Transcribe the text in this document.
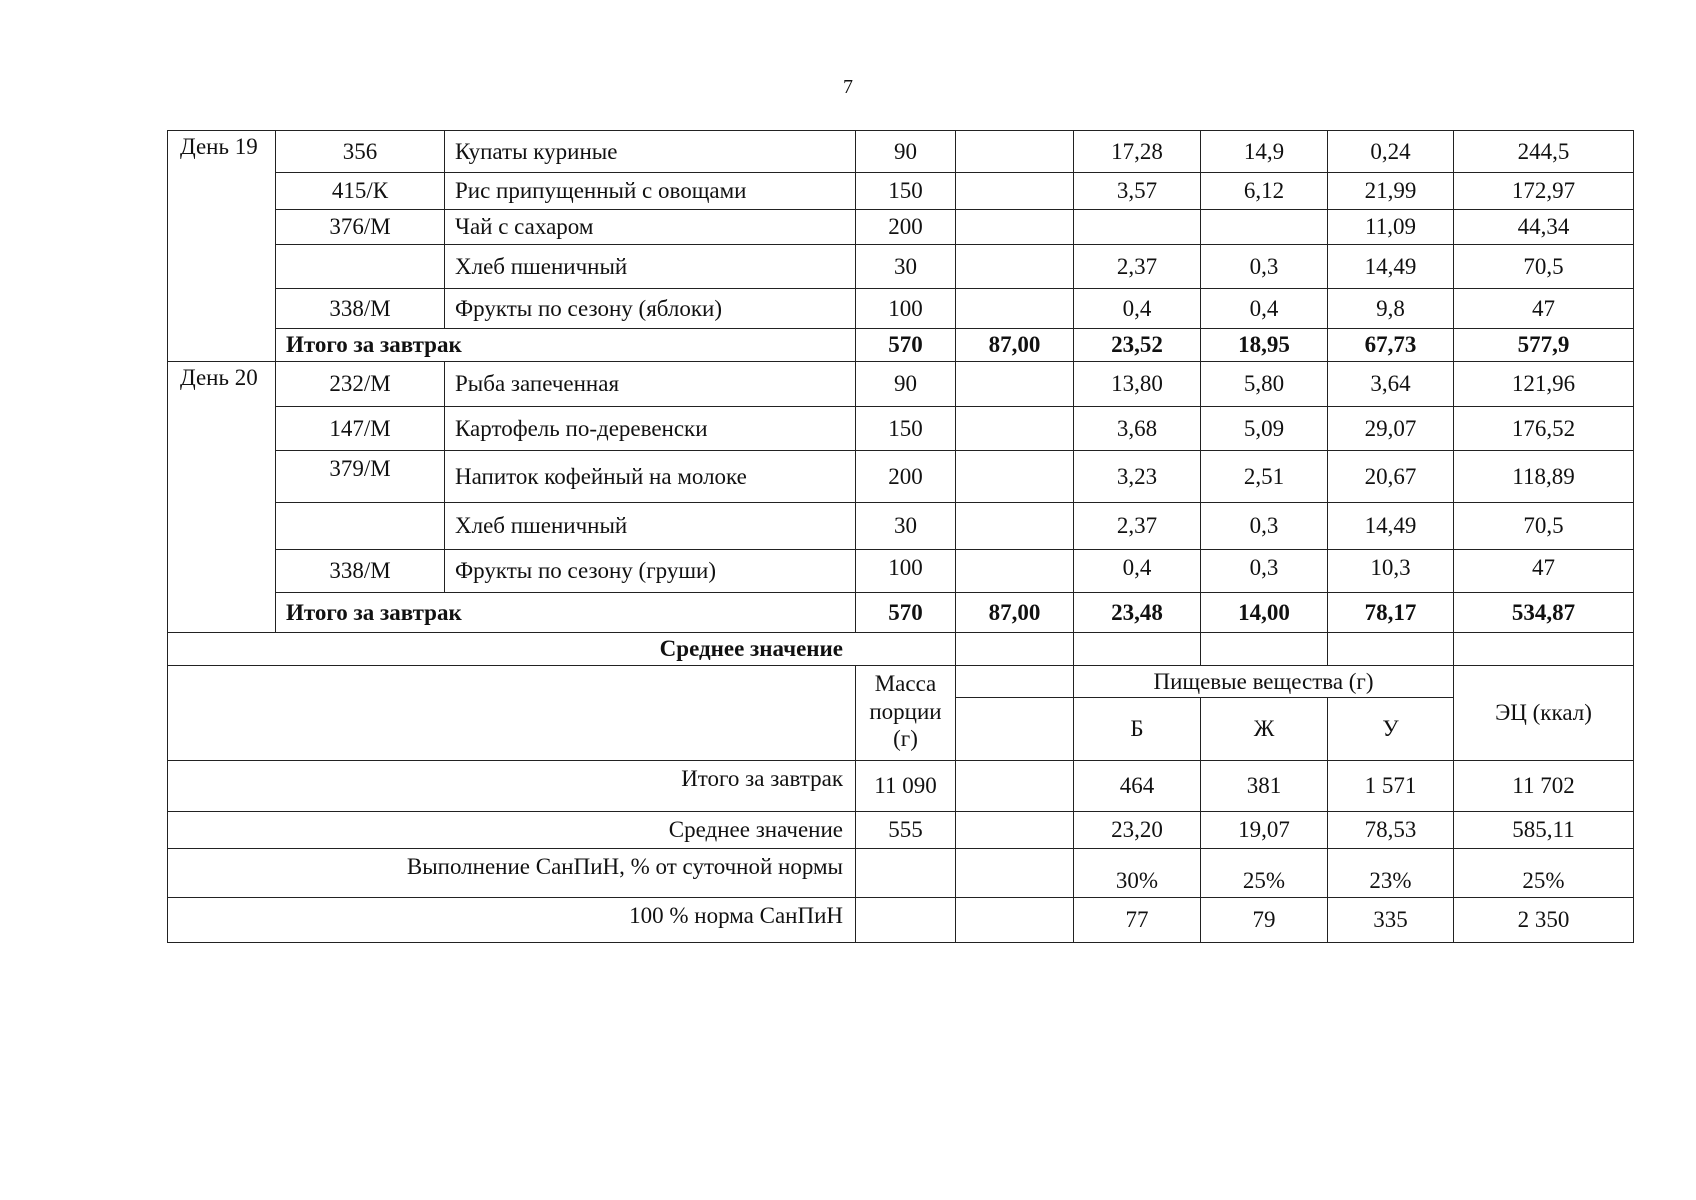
7
День 19	356	Купаты куриные	90		17,28	14,9	0,24	244,5
	415/К	Рис припущенный с овощами	150		3,57	6,12	21,99	172,97
	376/М	Чай с сахаром	200				11,09	44,34
		Хлеб пшеничный	30		2,37	0,3	14,49	70,5
	338/М	Фрукты по сезону (яблоки)	100		0,4	0,4	9,8	47
	Итого за завтрак		570	87,00	23,52	18,95	67,73	577,9
День 20	232/М	Рыба запеченная	90		13,80	5,80	3,64	121,96
	147/М	Картофель по-деревенски	150		3,68	5,09	29,07	176,52
	379/М	Напиток кофейный на молоке	200		3,23	2,51	20,67	118,89
		Хлеб пшеничный	30		2,37	0,3	14,49	70,5
	338/М	Фрукты по сезону (груши)	100		0,4	0,3	10,3	47
	Итого за завтрак		570	87,00	23,48	14,00	78,17	534,87
Среднее значение								
			Масса порции (г)		Пищевые вещества (г)			ЭЦ (ккал)
					Б	Ж	У	
Итого за завтрак			11 090		464	381	1 571	11 702
Среднее значение			555		23,20	19,07	78,53	585,11
Выполнение СанПиН, % от суточной нормы					30%	25%	23%	25%
100 % норма СанПиН					77	79	335	2 350
